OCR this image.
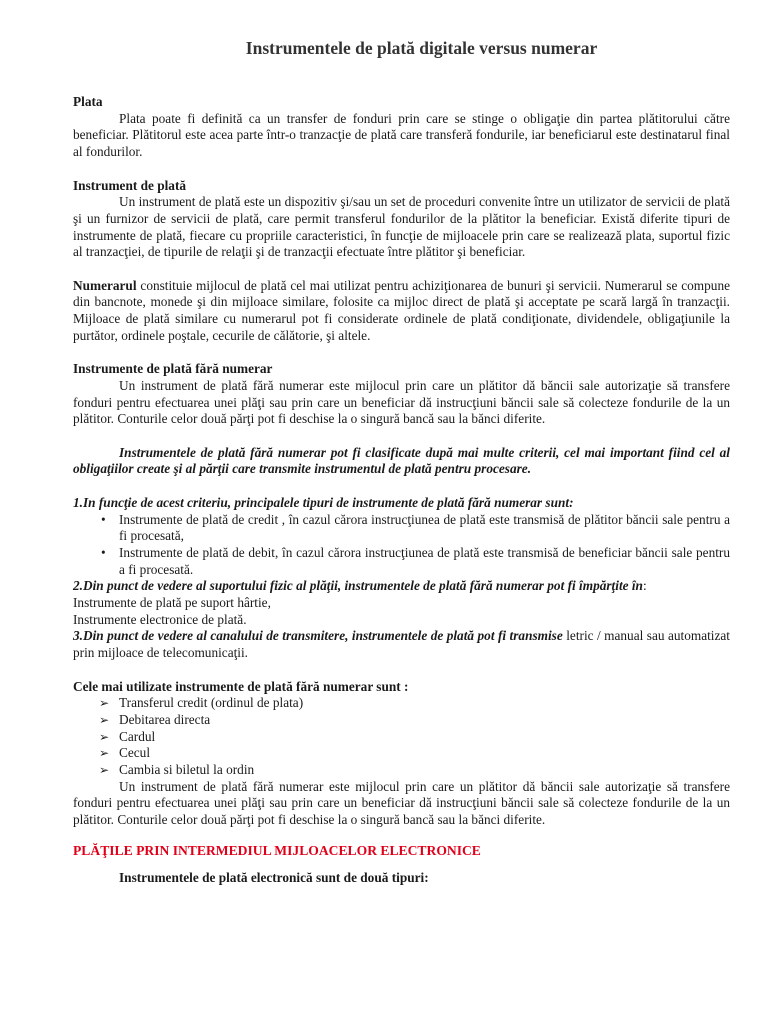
Instrumentele de plată digitale versus numerar

Plata

Plata poate fi definită ca un transfer de fonduri prin care se stinge o obligaţie din partea plătitorului către beneficiar. Plătitorul este acea parte într-o tranzacţie de plată care transferă fondurile, iar beneficiarul este destinatarul final al fondurilor.

Instrument de plată

Un instrument de plată este un dispozitiv şi/sau un set de proceduri convenite între un utilizator de servicii de plată şi un furnizor de servicii de plată, care permit transferul fondurilor de la plătitor la beneficiar. Există diferite tipuri de instrumente de plată, fiecare cu propriile caracteristici, în funcţie de mijloacele prin care se realizează plata, suportul fizic al tranzacţiei, de tipurile de relaţii şi de tranzacţii efectuate între plătitor şi beneficiar.

Numerarul constituie mijlocul de plată cel mai utilizat pentru achiziţionarea de bunuri şi servicii. Numerarul se compune din bancnote, monede şi din mijloace similare, folosite ca mijloc direct de plată şi acceptate pe scară largă în tranzacţii. Mijloace de plată similare cu numerarul pot fi considerate ordinele de plată condiţionate, dividendele, obligaţiunile la purtător, ordinele poştale, cecurile de călătorie, şi altele.

Instrumente de plată fără numerar

Un instrument de plată fără numerar este mijlocul prin care un plătitor dă băncii sale autorizaţie să transfere fonduri pentru efectuarea unei plăţi sau prin care un beneficiar dă instrucţiuni băncii sale să colecteze fondurile de la un plătitor. Conturile celor două părţi pot fi deschise la o singură bancă sau la bănci diferite.

Instrumentele de plată fără numerar pot fi clasificate după mai multe criterii, cel mai important fiind cel al obligaţiilor create şi al părţii care transmite instrumentul de plată pentru procesare.

1.In funcţie de acest criteriu, principalele tipuri de instrumente de plată fără numerar sunt:

• Instrumente de plată de credit , în cazul cărora instrucţiunea de plată este transmisă de plătitor băncii sale pentru a fi procesată,
• Instrumente de plată de debit, în cazul cărora instrucţiunea de plată este transmisă de beneficiar băncii sale pentru a fi procesată.

2.Din punct de vedere al suportului fizic al plăţii, instrumentele de plată fără numerar pot fi împărţite în:

Instrumente de plată pe suport hârtie,

Instrumente electronice de plată.

3.Din punct de vedere al canalului de transmitere, instrumentele de plată pot fi transmise letric / manual sau automatizat prin mijloace de telecomunicaţii.

Cele mai utilizate instrumente de plată fără numerar sunt :

➢ Transferul credit (ordinul de plata)
➢ Debitarea directa
➢ Cardul
➢ Cecul
➢ Cambia si biletul la ordin

Un instrument de plată fără numerar este mijlocul prin care un plătitor dă băncii sale autorizaţie să transfere fonduri pentru efectuarea unei plăţi sau prin care un beneficiar dă instrucţiuni băncii sale să colecteze fondurile de la un plătitor. Conturile celor două părţi pot fi deschise la o singură bancă sau la bănci diferite.

PLĂŢILE PRIN INTERMEDIUL MIJLOACELOR ELECTRONICE

Instrumentele de plată electronică sunt de două tipuri:
